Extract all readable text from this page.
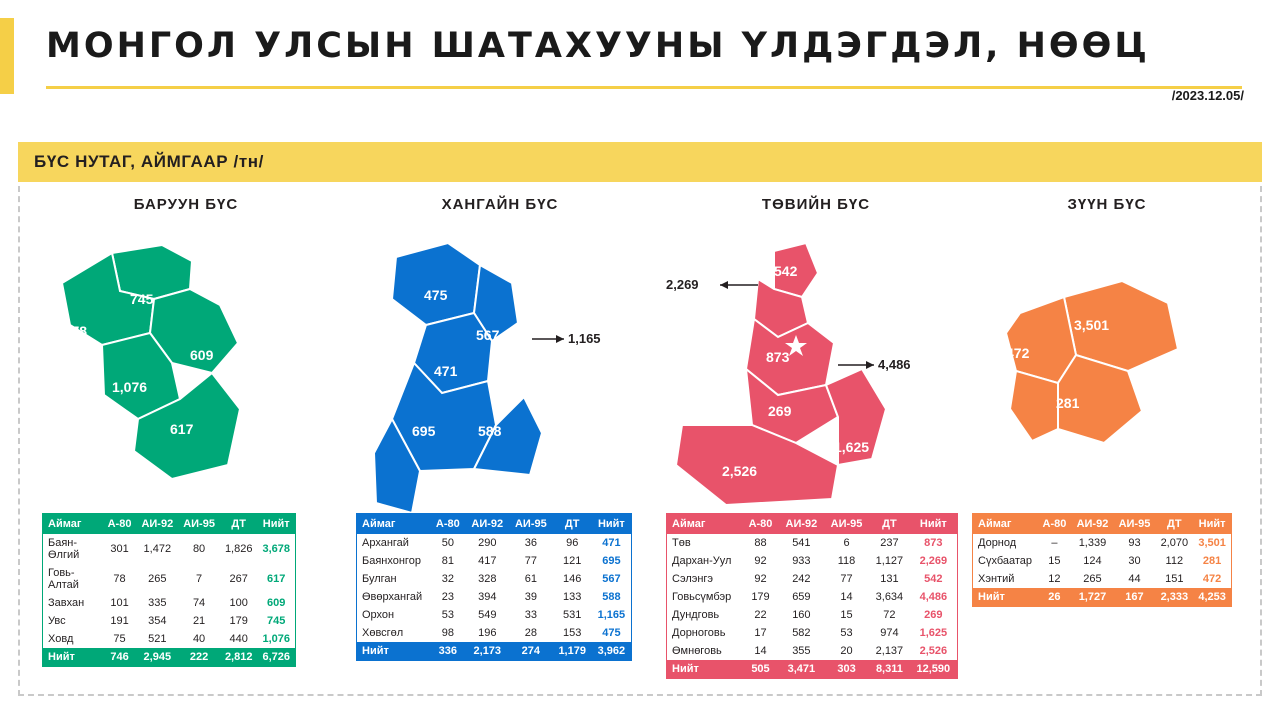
МОНГОЛ УЛСЫН ШАТАХУУНЫ ҮЛДЭГДЭЛ, НӨӨЦ
/2023.12.05/
БҮС НУТАГ, АЙМГААР /тн/
БАРУУН БҮС
745
3,678
609
1,076
617
Аймаг	А-80	АИ-92	АИ-95	ДТ	Нийт
Баян-Өлгий	301	1,472	80	1,826	3,678
Говь-Алтай	78	265	7	267	617
Завхан	101	335	74	100	609
Увс	191	354	21	179	745
Ховд	75	521	40	440	1,076
Нийт	746	2,945	222	2,812	6,726
ХАНГАЙН БҮС
475
567
471
695	588
1,165
Аймаг	А-80	АИ-92	АИ-95	ДТ	Нийт
Архангай	50	290	36	96	471
Баянхонгор	81	417	77	121	695
Булган	32	328	61	146	567
Өвөрхангай	23	394	39	133	588
Орхон	53	549	33	531	1,165
Хөвсгөл	98	196	28	153	475
Нийт	336	2,173	274	1,179	3,962
ТӨВИЙН БҮС
542
873
269
1,625
2,526
2,269
4,486
Аймаг	А-80	АИ-92	АИ-95	ДТ	Нийт
Төв	88	541	6	237	873
Дархан-Уул	92	933	118	1,127	2,269
Сэлэнгэ	92	242	77	131	542
Говьсүмбэр	179	659	14	3,634	4,486
Дундговь	22	160	15	72	269
Дорноговь	17	582	53	974	1,625
Өмнөговь	14	355	20	2,137	2,526
Нийт	505	3,471	303	8,311	12,590
ЗҮҮН БҮС
3,501
472
281
Аймаг	А-80	АИ-92	АИ-95	ДТ	Нийт
Дорнод	–	1,339	93	2,070	3,501
Сүхбаатар	15	124	30	112	281
Хэнтий	12	265	44	151	472
Нийт	26	1,727	167	2,333	4,253
